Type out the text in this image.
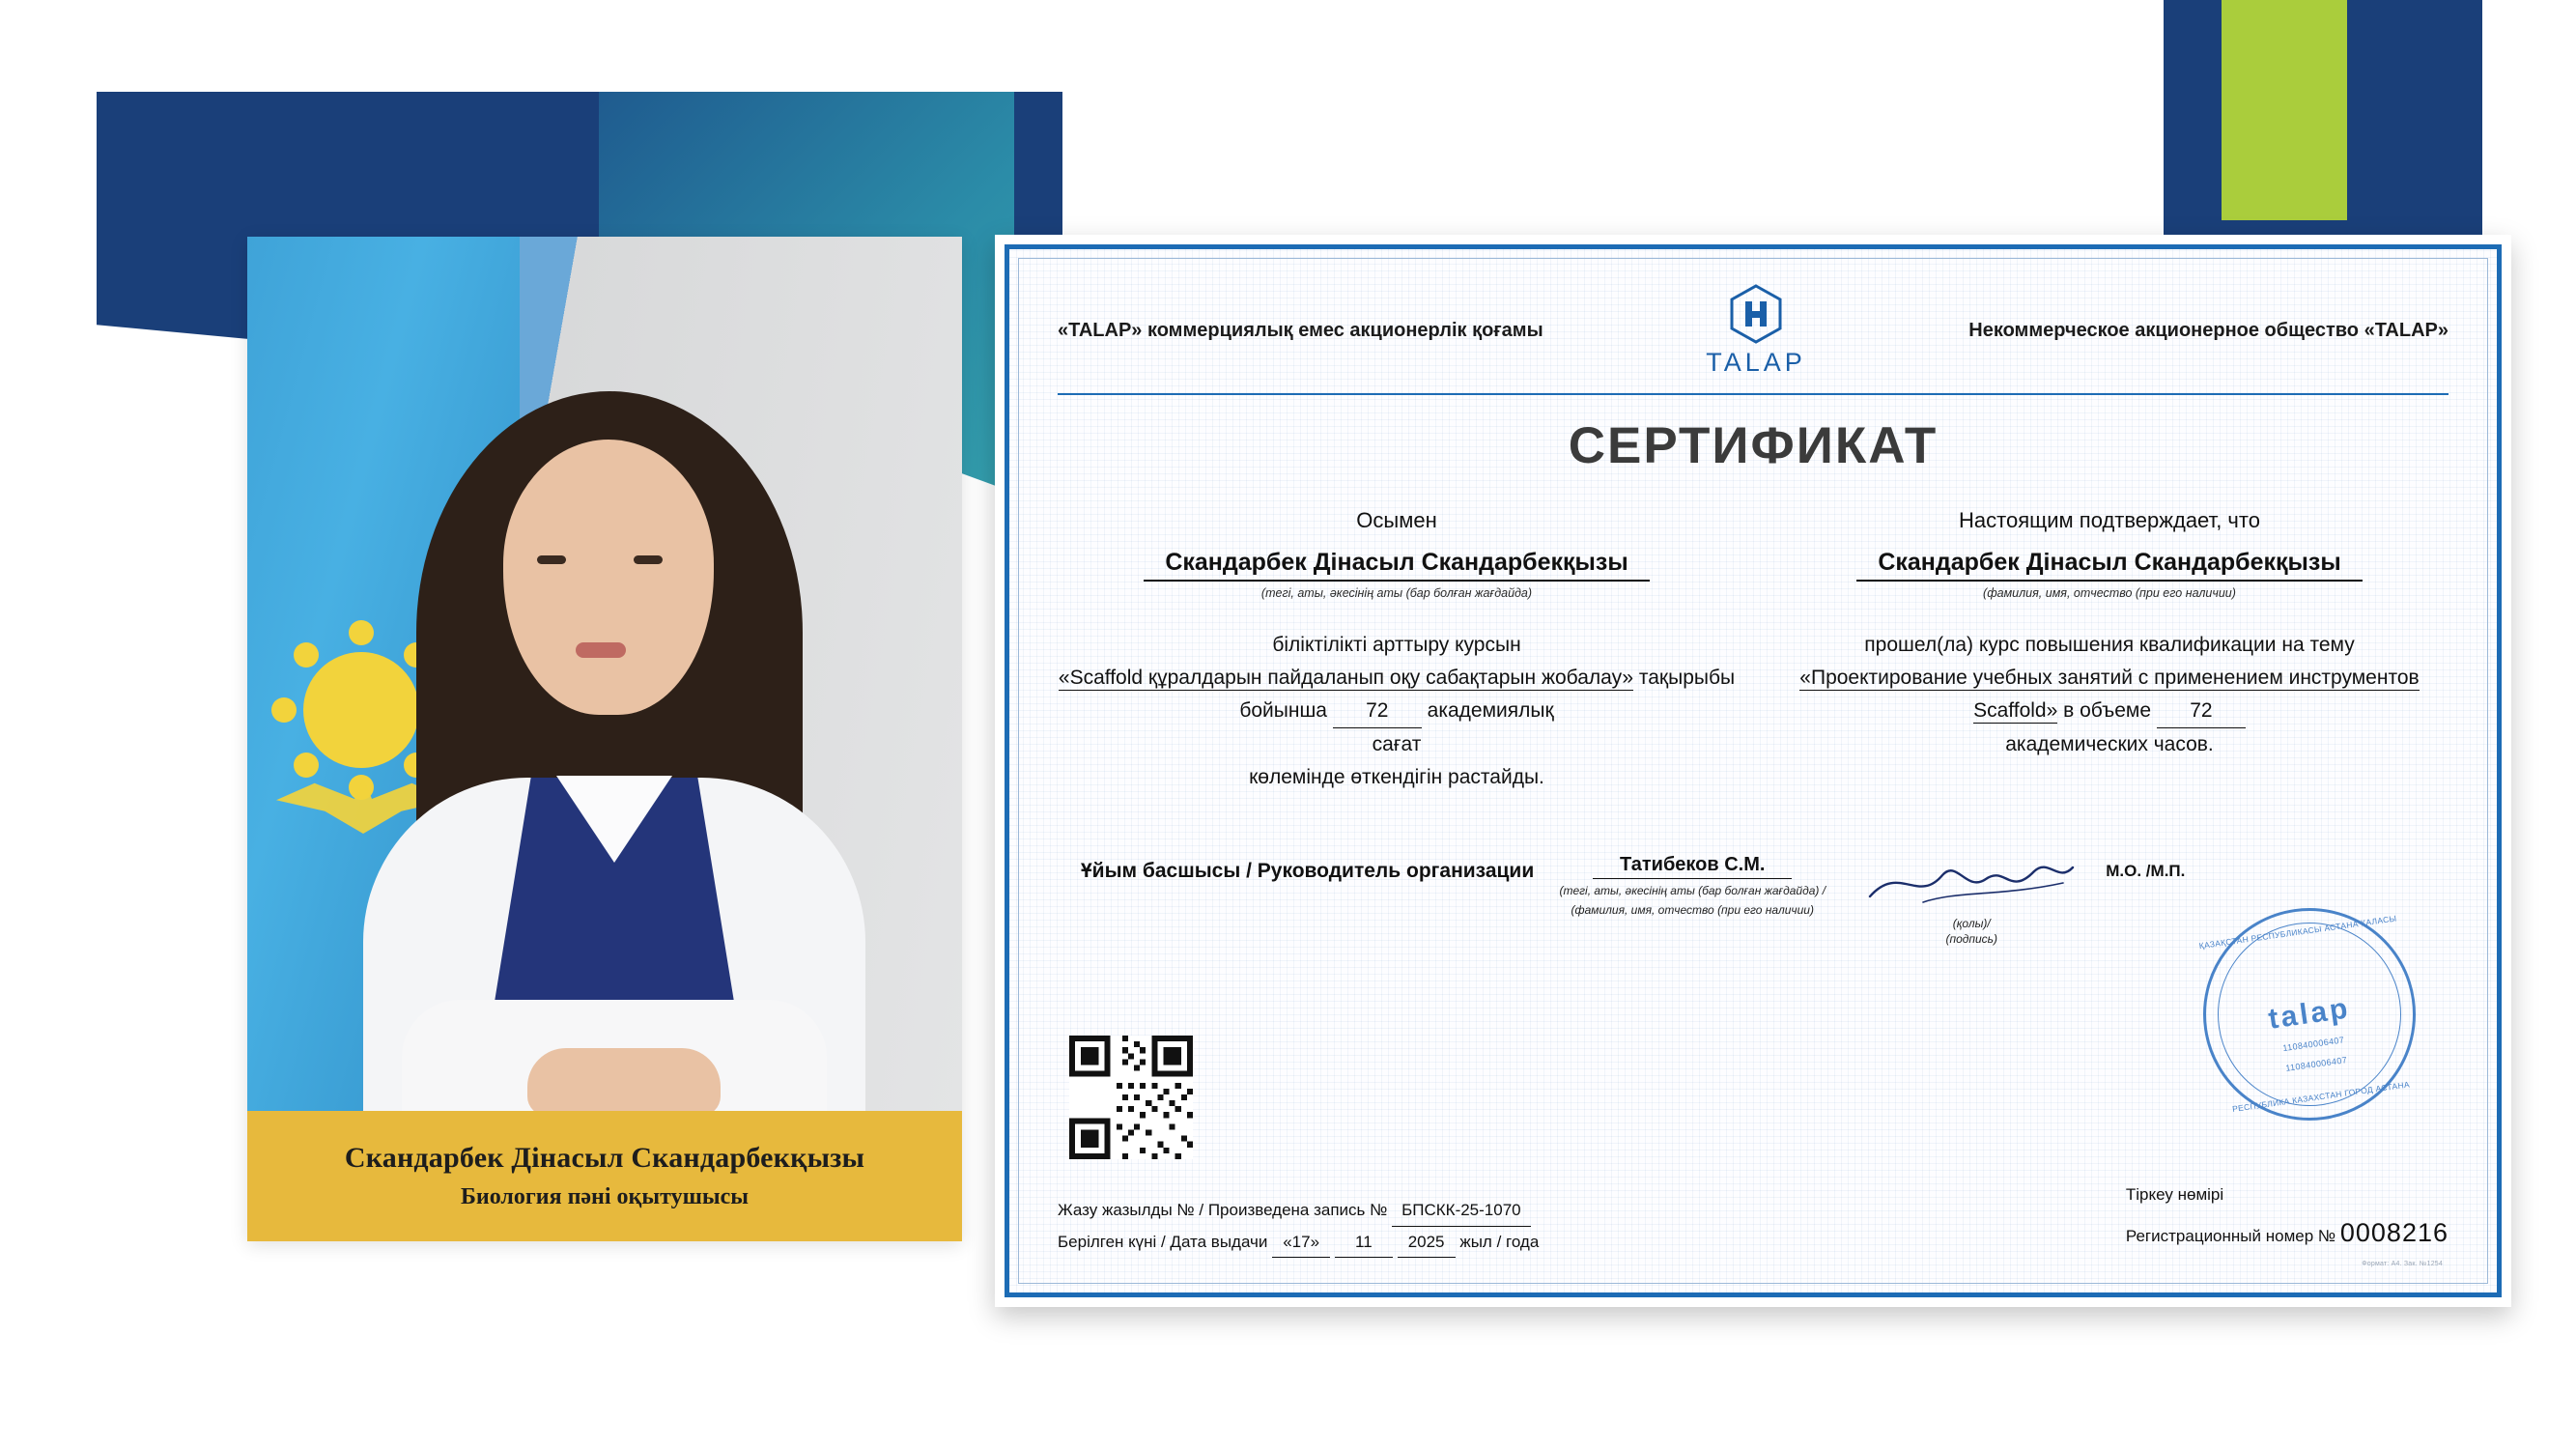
Скандарбек Дінасыл Скандарбекқызы
Биология пәні оқытушысы
«TALAP» коммерциялық емес акционерлік қоғамы
TALAP
Некоммерческое акционерное общество «TALAP»
СЕРТИФИКАТ
Осымен
Скандарбек Дінасыл Скандарбекқызы
(тегі, аты, әкесінің аты (бар болған жағдайда)
біліктілікті арттыру курсын
«Scaffold құралдарын пайдаланып оқу сабақтарын жобалау» тақырыбы бойынша 72 академиялық
сағат
көлемінде өткендігін растайды.
Настоящим подтверждает, что
Скандарбек Дінасыл Скандарбекқызы
(фамилия, имя, отчество (при его наличии)
прошел(ла) курс повышения квалификации на тему
«Проектирование учебных занятий с применением инструментов Scaffold» в объеме 72
академических часов.
Ұйым басшысы / Руководитель организации	Татибеков С.М.
(тегі, аты, әкесінің аты (бар болған жағдайда) /
(фамилия, имя, отчество (при его наличии)
(қолы)/
(подпись)
М.О. /М.П.
ҚАЗАҚСТАН РЕСПУБЛИКАСЫ АСТАНА ҚАЛАСЫ
talap
110840006407
110840006407
РЕСПУБЛИКА КАЗАХСТАН ГОРОД АСТАНА
Жазу жазылды № / Произведена запись № БПСКК-25-1070
Берілген күні / Дата выдачи «17» 11 2025 жыл / года
Тіркеу нөмірі
Регистрационный номер № 0008216
Формат: А4. Зак. №1254
